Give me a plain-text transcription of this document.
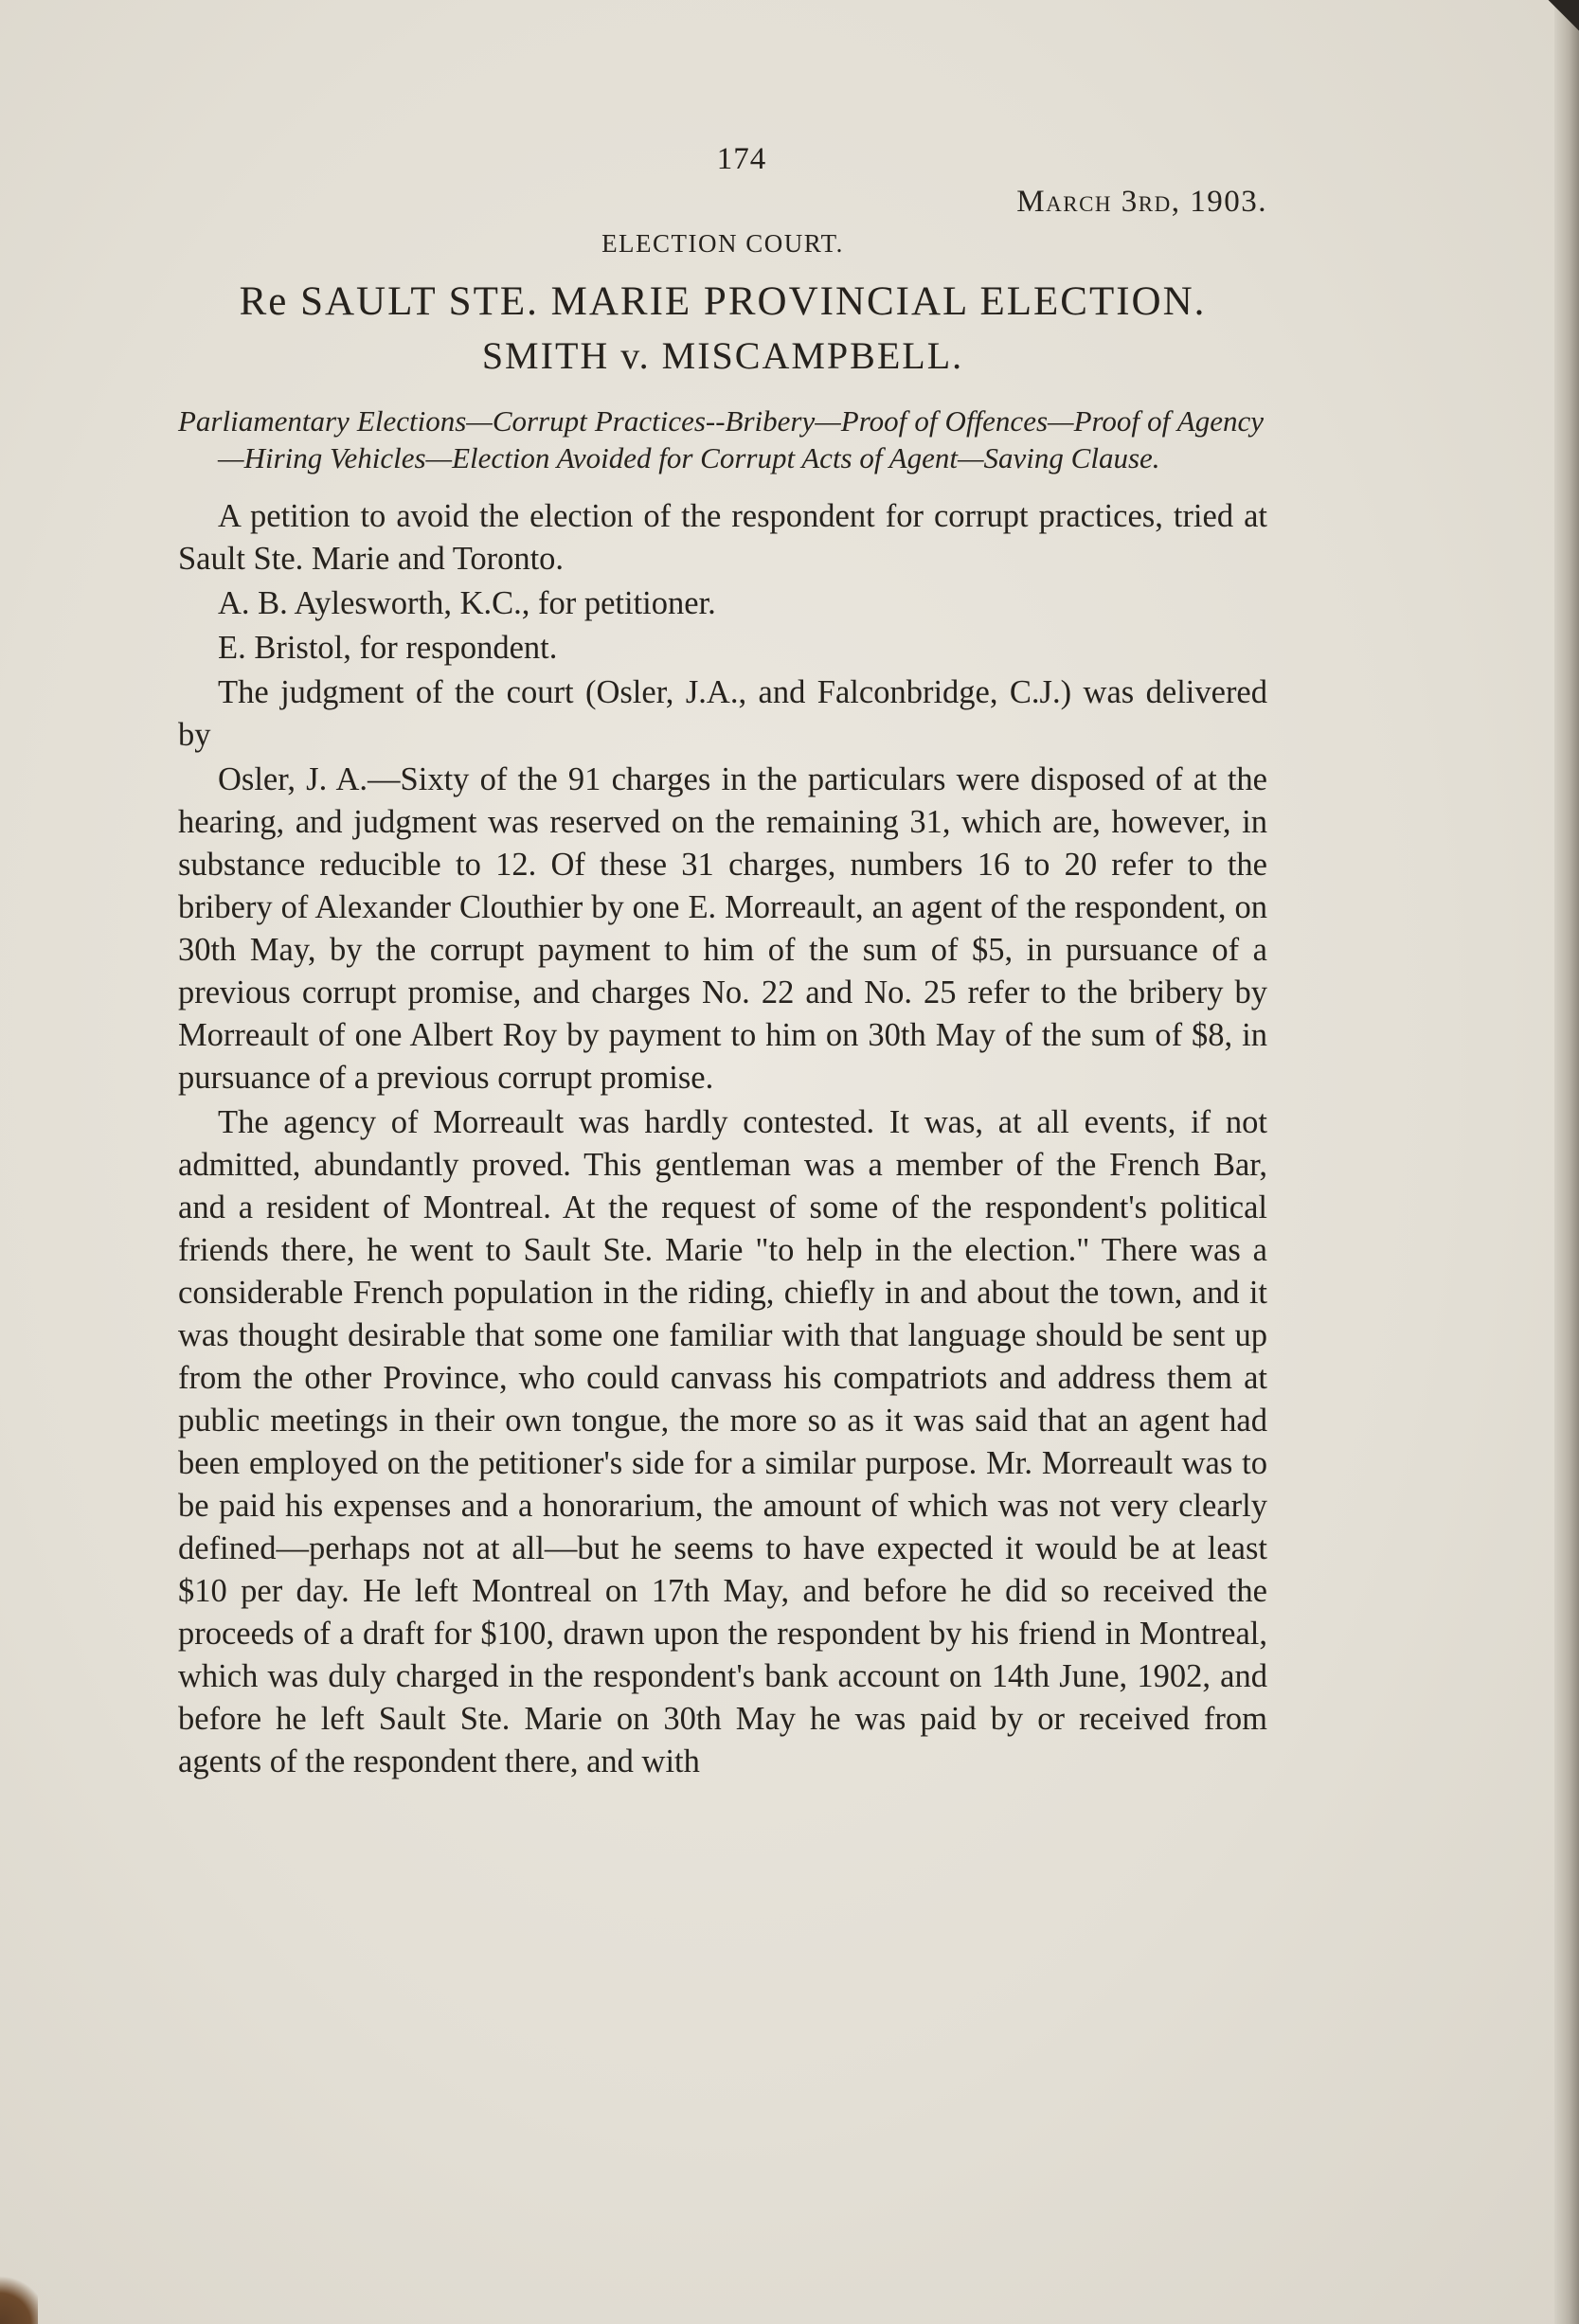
174
March 3rd, 1903.
ELECTION COURT.
Re SAULT STE. MARIE PROVINCIAL ELECTION.
SMITH v. MISCAMPBELL.
Parliamentary Elections—Corrupt Practices--Bribery—Proof of Offences—Proof of Agency—Hiring Vehicles—Election Avoided for Corrupt Acts of Agent—Saving Clause.

A petition to avoid the election of the respondent for corrupt practices, tried at Sault Ste. Marie and Toronto.

A. B. Aylesworth, K.C., for petitioner.

E. Bristol, for respondent.

The judgment of the court (Osler, J.A., and Falconbridge, C.J.) was delivered by

Osler, J. A.—Sixty of the 91 charges in the particulars were disposed of at the hearing, and judgment was reserved on the remaining 31, which are, however, in substance reducible to 12. Of these 31 charges, numbers 16 to 20 refer to the bribery of Alexander Clouthier by one E. Morreault, an agent of the respondent, on 30th May, by the corrupt payment to him of the sum of $5, in pursuance of a previous corrupt promise, and charges No. 22 and No. 25 refer to the bribery by Morreault of one Albert Roy by payment to him on 30th May of the sum of $8, in pursuance of a previous corrupt promise.

The agency of Morreault was hardly contested. It was, at all events, if not admitted, abundantly proved. This gentleman was a member of the French Bar, and a resident of Montreal. At the request of some of the respondent's political friends there, he went to Sault Ste. Marie "to help in the election." There was a considerable French population in the riding, chiefly in and about the town, and it was thought desirable that some one familiar with that language should be sent up from the other Province, who could canvass his compatriots and address them at public meetings in their own tongue, the more so as it was said that an agent had been employed on the petitioner's side for a similar purpose. Mr. Morreault was to be paid his expenses and a honorarium, the amount of which was not very clearly defined—perhaps not at all—but he seems to have expected it would be at least $10 per day. He left Montreal on 17th May, and before he did so received the proceeds of a draft for $100, drawn upon the respondent by his friend in Montreal, which was duly charged in the respondent's bank account on 14th June, 1902, and before he left Sault Ste. Marie on 30th May he was paid by or received from agents of the respondent there, and with
